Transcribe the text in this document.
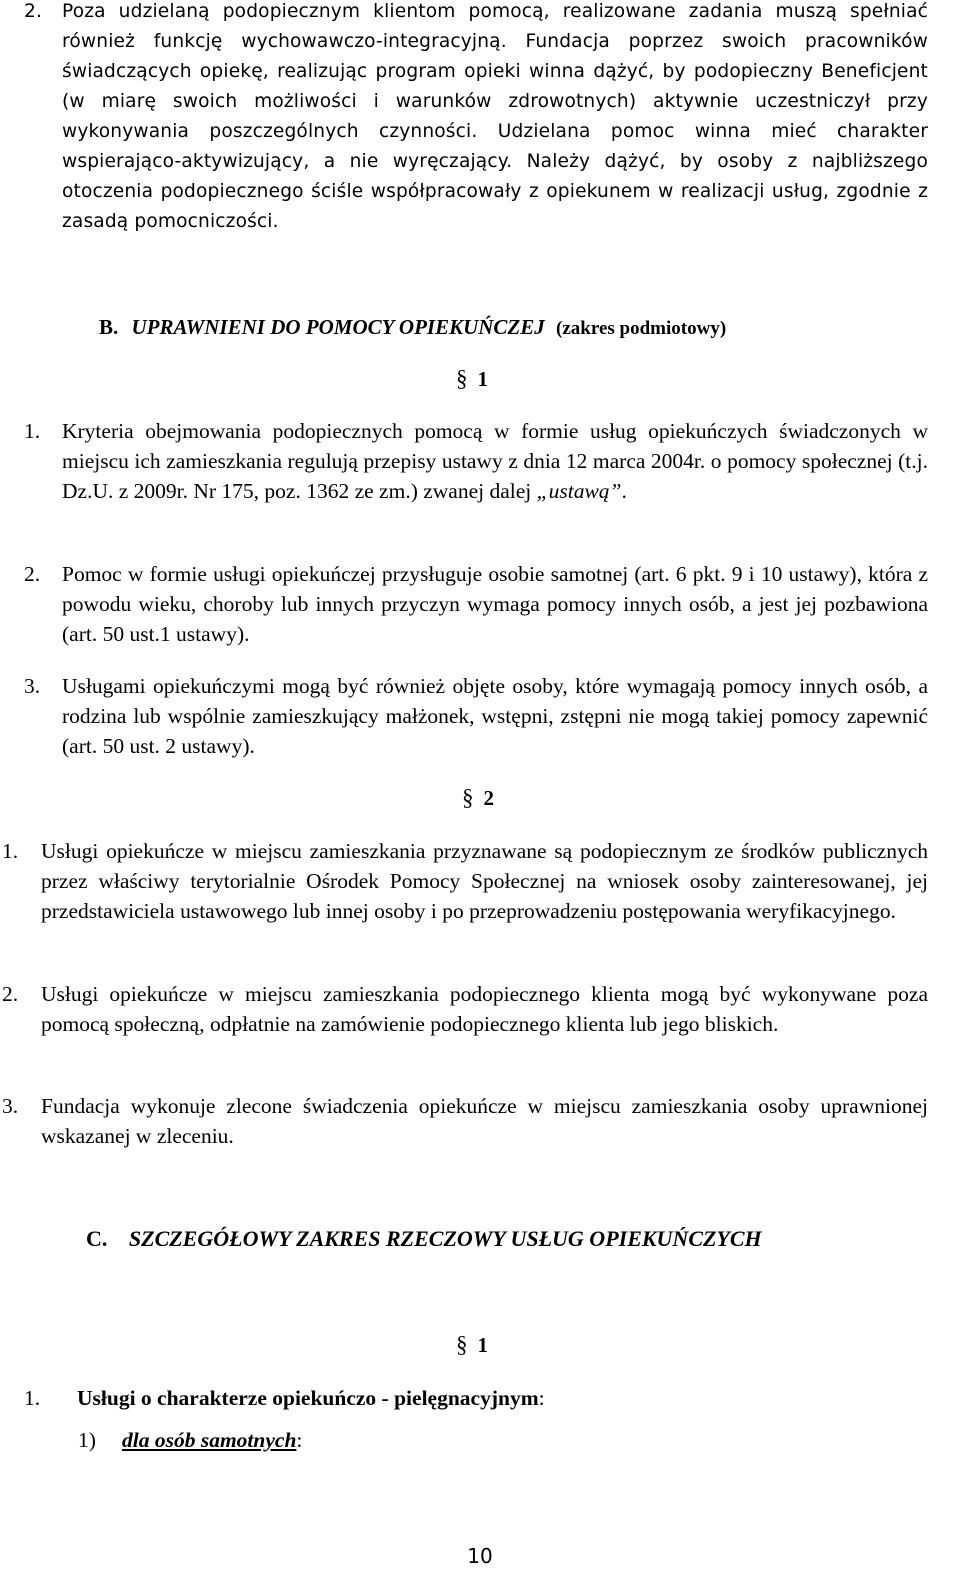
2. Poza udzielaną podopiecznym klientom pomocą, realizowane zadania muszą spełniać również funkcję wychowawczo-integracyjną. Fundacja poprzez swoich pracowników świadczących opiekę, realizując program opieki winna dążyć, by podopieczny Beneficjent (w miarę swoich możliwości i warunków zdrowotnych) aktywnie uczestniczył przy wykonywania poszczególnych czynności. Udzielana pomoc winna mieć charakter wspierająco-aktywizujący, a nie wyręczający. Należy dążyć, by osoby z najbliższego otoczenia podopiecznego ściśle współpracowały z opiekunem w realizacji usług, zgodnie z zasadą pomocniczości.
B. UPRAWNIENI DO POMOCY OPIEKUŃCZEJ (zakres podmiotowy)
§ 1
1. Kryteria obejmowania podopiecznych pomocą w formie usług opiekuńczych świadczonych w miejscu ich zamieszkania regulują przepisy ustawy z dnia 12 marca 2004r. o pomocy społecznej (t.j. Dz.U. z 2009r. Nr 175, poz. 1362 ze zm.) zwanej dalej „ustawą”.
2. Pomoc w formie usługi opiekuńczej przysługuje osobie samotnej (art. 6 pkt. 9 i 10 ustawy), która z powodu wieku, choroby lub innych przyczyn wymaga pomocy innych osób, a jest jej pozbawiona (art. 50 ust.1 ustawy).
3. Usługami opiekuńczymi mogą być również objęte osoby, które wymagają pomocy innych osób, a rodzina lub wspólnie zamieszkujący małżonek, wstępni, zstępni nie mogą takiej pomocy zapewnić (art. 50 ust. 2 ustawy).
§ 2
1. Usługi opiekuńcze w miejscu zamieszkania przyznawane są podopiecznym ze środków publicznych przez właściwy terytorialnie Ośrodek Pomocy Społecznej na wniosek osoby zainteresowanej, jej przedstawiciela ustawowego lub innej osoby i po przeprowadzeniu postępowania weryfikacyjnego.
2. Usługi opiekuńcze w miejscu zamieszkania podopiecznego klienta mogą być wykonywane poza pomocą społeczną, odpłatnie na zamówienie podopiecznego klienta lub jego bliskich.
3. Fundacja wykonuje zlecone świadczenia opiekuńcze w miejscu zamieszkania osoby uprawnionej wskazanej w zleceniu.
C. SZCZEGÓŁOWY ZAKRES RZECZOWY USŁUG OPIEKUŃCZYCH
§ 1
1. Usługi o charakterze opiekuńczo - pielęgnacyjnym:
1) dla osób samotnych:
10
